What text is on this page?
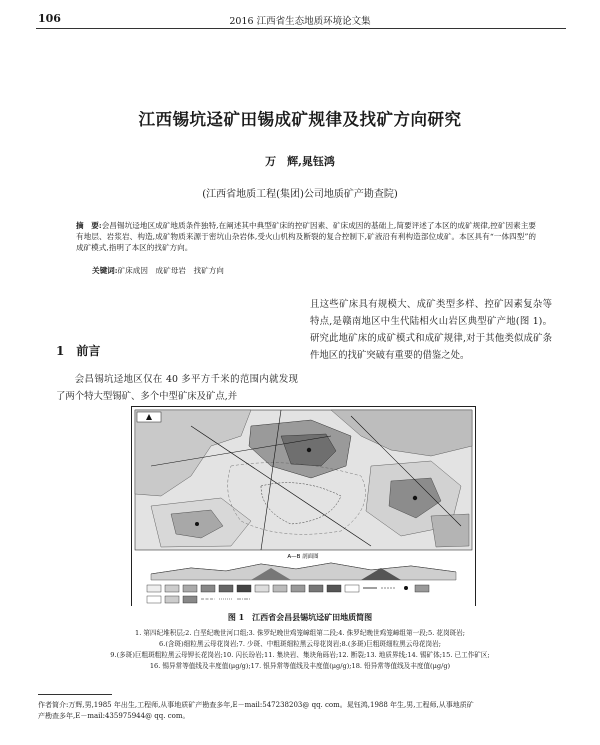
106	2016 江西省生态地质环境论文集
江西锡坑迳矿田锡成矿规律及找矿方向研究
万　辉,晁钰鸿
(江西省地质工程(集团)公司地质矿产勘查院)
摘　要:会昌锡坑迳地区成矿地质条件独特,在阐述其中典型矿床的控矿因素、矿床成因的基础上,简要评述了本区的成矿规律,控矿因素主要有地层、岩浆岩、构造,成矿物质来源于密坑山杂岩体,受火山机构及断裂的复合控制下,矿液沿有利构造部位成矿。本区具有“一体四型”的成矿模式,指明了本区的找矿方向。
关键词:矿床成因　成矿母岩　找矿方向
1　 前言
会昌锡坑迳地区仅在 40 多平方千米的范围内就发现了两个特大型锡矿、多个中型矿床及矿点,并
且这些矿床具有规模大、成矿类型多样、控矿因素复杂等特点,是赣南地区中生代陆相火山岩区典型矿产地(图 1)。研究此地矿床的成矿模式和成矿规律,对于其他类似成矿条件地区的找矿突破有重要的借鉴之处。
A—B 剖面图
图 1　江西省会昌县锡坑迳矿田地质简图
1. 第四纪堆积层;2. 白垩纪晚世河口组;3. 侏罗纪晚世鸡笼嶂组第二段;4. 侏罗纪晚世鸡笼嶂组第一段;5. 花岗斑岩;
6.(含斑)细粒黑云母花岗岩;7. 少斑、中粗斑细粒黑云母花岗岩;8.(多斑)巨粗斑细粒黑云母花岗岩;
9.(多斑)巨粗斑粗粒黑云母钾长花岗岩;10. 闪长玢岩;11. 集块岩、集块角砾岩;12. 断裂;13. 地质界线;14. 锡矿体;15. 已工作矿区;
16. 锡异常等值线及丰度值(μg/g);17. 银异常等值线及丰度值(μg/g);18. 铅异常等值线及丰度值(μg/g)
作者简介:万辉,男,1985 年出生,工程师,从事地质矿产勘查多年,E－mail:547238203@ qq. com。晁钰鸿,1988 年生,男,工程师,从事地质矿
产勘查多年,E－mail:435975944@ qq. com。
